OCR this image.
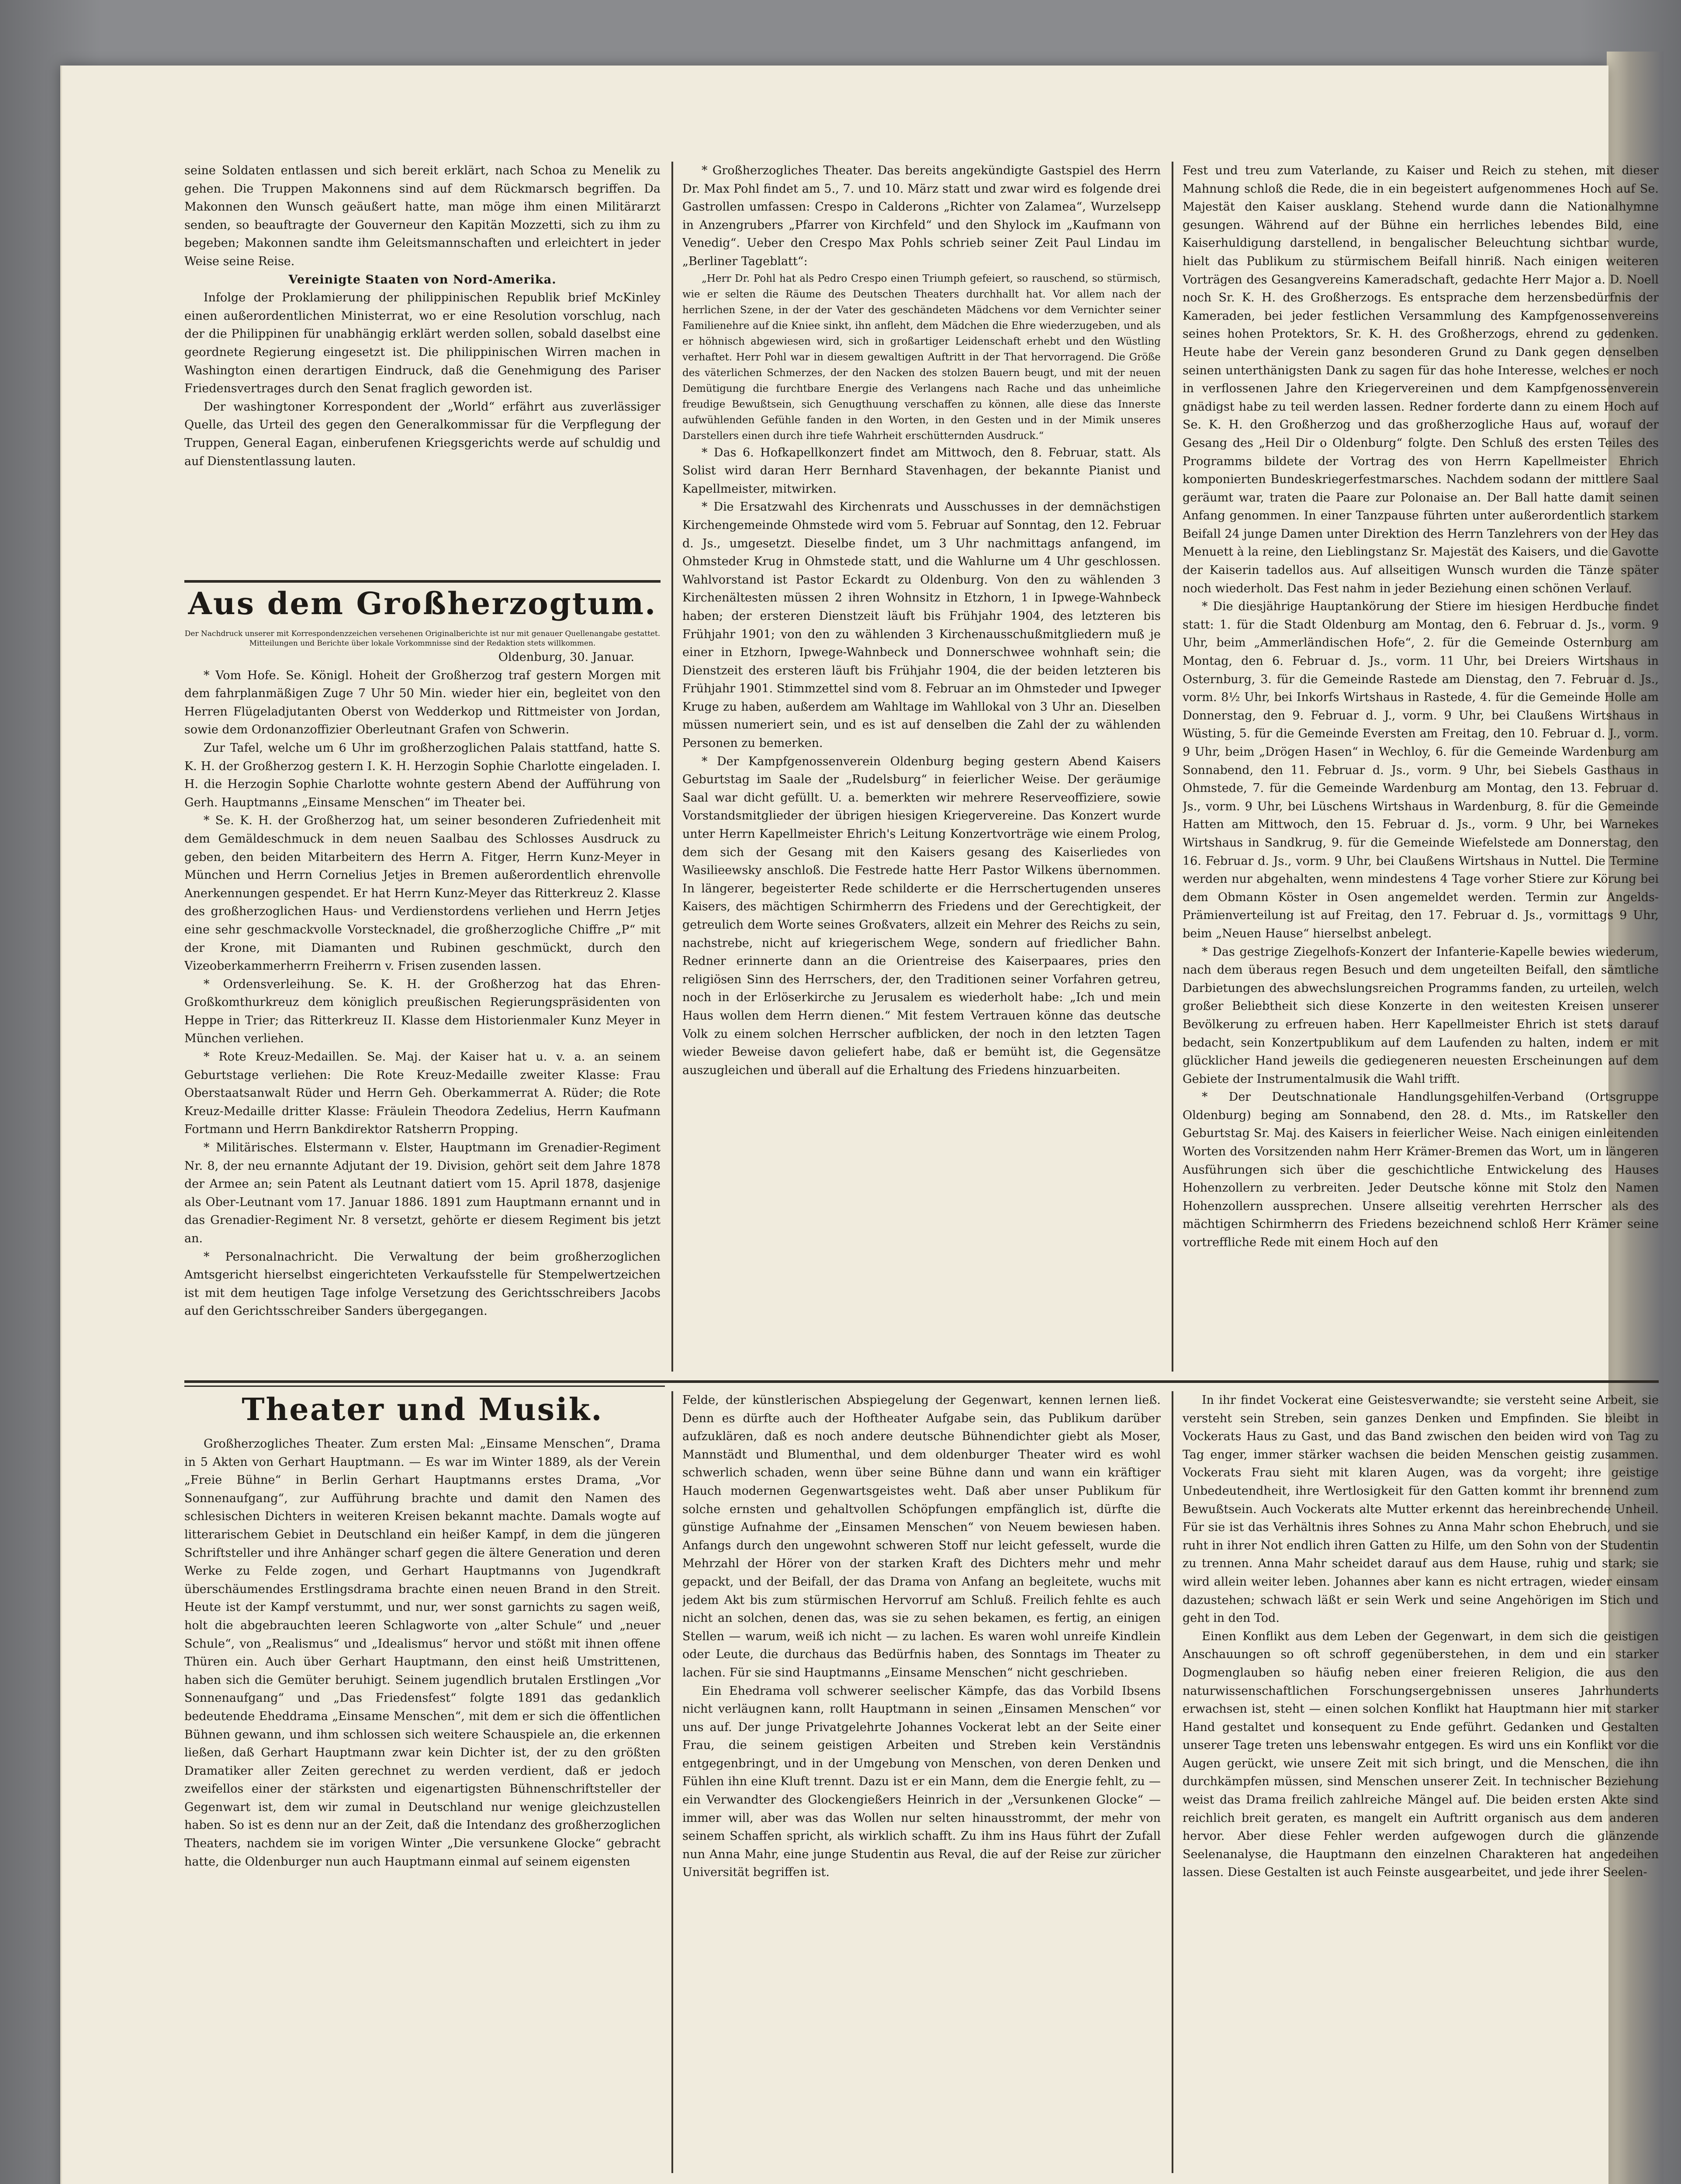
seine Soldaten entlassen und sich bereit erklärt, nach Schoa zu Menelik zu gehen. Die Truppen Makonnens sind auf dem Rückmarsch begriffen. Da Makonnen den Wunsch geäußert hatte, man möge ihm einen Militärarzt senden, so beauftragte der Gouverneur den Kapitän Mozzetti, sich zu ihm zu begeben; Makonnen sandte ihm Geleitsmannschaften und erleichtert in jeder Weise seine Reise.

Vereinigte Staaten von Nord-Amerika.

Infolge der Proklamierung der philippinischen Republik brief McKinley einen außerordentlichen Ministerrat, wo er eine Resolution vorschlug, nach der die Philippinen für unabhängig erklärt werden sollen, sobald daselbst eine geordnete Regierung eingesetzt ist. Die philippinischen Wirren machen in Washington einen derartigen Eindruck, daß die Genehmigung des Pariser Friedensvertrages durch den Senat fraglich geworden ist.

Der washingtoner Korrespondent der „World“ erfährt aus zuverlässiger Quelle, das Urteil des gegen den Generalkommissar für die Verpflegung der Truppen, General Eagan, einberufenen Kriegsgerichts werde auf schuldig und auf Dienstentlassung lauten.

Aus dem Großherzogtum.

Der Nachdruck unserer mit Korrespondenzzeichen versehenen Originalberichte ist nur mit genauer Quellenangabe gestattet. Mitteilungen und Berichte über lokale Vorkommnisse sind der Redaktion stets willkommen.

Oldenburg, 30. Januar.

* Vom Hofe. Se. Königl. Hoheit der Großherzog traf gestern Morgen mit dem fahrplanmäßigen Zuge 7 Uhr 50 Min. wieder hier ein, begleitet von den Herren Flügeladjutanten Oberst von Wedderkop und Rittmeister von Jordan, sowie dem Ordonanzoffizier Oberleutnant Grafen von Schwerin.

Zur Tafel, welche um 6 Uhr im großherzoglichen Palais stattfand, hatte S. K. H. der Großherzog gestern I. K. H. Herzogin Sophie Charlotte eingeladen. I. H. die Herzogin Sophie Charlotte wohnte gestern Abend der Aufführung von Gerh. Hauptmanns „Einsame Menschen“ im Theater bei.

* Se. K. H. der Großherzog hat, um seiner besonderen Zufriedenheit mit dem Gemäldeschmuck in dem neuen Saalbau des Schlosses Ausdruck zu geben, den beiden Mitarbeitern des Herrn A. Fitger, Herrn Kunz-Meyer in München und Herrn Cornelius Jetjes in Bremen außerordentlich ehrenvolle Anerkennungen gespendet. Er hat Herrn Kunz-Meyer das Ritterkreuz 2. Klasse des großherzoglichen Haus- und Verdienstordens verliehen und Herrn Jetjes eine sehr geschmackvolle Vorstecknadel, die großherzogliche Chiffre „P“ mit der Krone, mit Diamanten und Rubinen geschmückt, durch den Vizeoberkammerherrn Freiherrn v. Frisen zusenden lassen.

* Ordensverleihung. Se. K. H. der Großherzog hat das Ehren-Großkomthurkreuz dem königlich preußischen Regierungspräsidenten von Heppe in Trier; das Ritterkreuz II. Klasse dem Historienmaler Kunz Meyer in München verliehen.

* Rote Kreuz-Medaillen. Se. Maj. der Kaiser hat u. v. a. an seinem Geburtstage verliehen: Die Rote Kreuz-Medaille zweiter Klasse: Frau Oberstaatsanwalt Rüder und Herrn Geh. Oberkammerrat A. Rüder; die Rote Kreuz-Medaille dritter Klasse: Fräulein Theodora Zedelius, Herrn Kaufmann Fortmann und Herrn Bankdirektor Ratsherrn Propping.

* Militärisches. Elstermann v. Elster, Hauptmann im Grenadier-Regiment Nr. 8, der neu ernannte Adjutant der 19. Division, gehört seit dem Jahre 1878 der Armee an; sein Patent als Leutnant datiert vom 15. April 1878, dasjenige als Ober-Leutnant vom 17. Januar 1886. 1891 zum Hauptmann ernannt und in das Grenadier-Regiment Nr. 8 versetzt, gehörte er diesem Regiment bis jetzt an.

* Personalnachricht. Die Verwaltung der beim großherzoglichen Amtsgericht hierselbst eingerichteten Verkaufsstelle für Stempelwertzeichen ist mit dem heutigen Tage infolge Versetzung des Gerichtsschreibers Jacobs auf den Gerichtsschreiber Sanders übergegangen.

* Großherzogliches Theater. Das bereits angekündigte Gastspiel des Herrn Dr. Max Pohl findet am 5., 7. und 10. März statt und zwar wird es folgende drei Gastrollen umfassen: Crespo in Calderons „Richter von Zalamea“, Wurzelsepp in Anzengrubers „Pfarrer von Kirchfeld“ und den Shylock im „Kaufmann von Venedig“. Ueber den Crespo Max Pohls schrieb seiner Zeit Paul Lindau im „Berliner Tageblatt“:

„Herr Dr. Pohl hat als Pedro Crespo einen Triumph gefeiert, so rauschend, so stürmisch, wie er selten die Räume des Deutschen Theaters durchhallt hat. Vor allem nach der herrlichen Szene, in der der Vater des geschändeten Mädchens vor dem Vernichter seiner Familienehre auf die Kniee sinkt, ihn anfleht, dem Mädchen die Ehre wiederzugeben, und als er höhnisch abgewiesen wird, sich in großartiger Leidenschaft erhebt und den Wüstling verhaftet. Herr Pohl war in diesem gewaltigen Auftritt in der That hervorragend. Die Größe des väterlichen Schmerzes, der den Nacken des stolzen Bauern beugt, und mit der neuen Demütigung die furchtbare Energie des Verlangens nach Rache und das unheimliche freudige Bewußtsein, sich Genugthuung verschaffen zu können, alle diese das Innerste aufwühlenden Gefühle fanden in den Worten, in den Gesten und in der Mimik unseres Darstellers einen durch ihre tiefe Wahrheit erschütternden Ausdruck.“

* Das 6. Hofkapellkonzert findet am Mittwoch, den 8. Februar, statt. Als Solist wird daran Herr Bernhard Stavenhagen, der bekannte Pianist und Kapellmeister, mitwirken.

* Die Ersatzwahl des Kirchenrats und Ausschusses in der demnächstigen Kirchengemeinde Ohmstede wird vom 5. Februar auf Sonntag, den 12. Februar d. Js., umgesetzt. Dieselbe findet, um 3 Uhr nachmittags anfangend, im Ohmsteder Krug in Ohmstede statt, und die Wahlurne um 4 Uhr geschlossen. Wahlvorstand ist Pastor Eckardt zu Oldenburg. Von den zu wählenden 3 Kirchenältesten müssen 2 ihren Wohnsitz in Etzhorn, 1 in Ipwege-Wahnbeck haben; der ersteren Dienstzeit läuft bis Frühjahr 1904, des letzteren bis Frühjahr 1901; von den zu wählenden 3 Kirchenausschußmitgliedern muß je einer in Etzhorn, Ipwege-Wahnbeck und Donnerschwee wohnhaft sein; die Dienstzeit des ersteren läuft bis Frühjahr 1904, die der beiden letzteren bis Frühjahr 1901. Stimmzettel sind vom 8. Februar an im Ohmsteder und Ipweger Kruge zu haben, außerdem am Wahltage im Wahllokal von 3 Uhr an. Dieselben müssen numeriert sein, und es ist auf denselben die Zahl der zu wählenden Personen zu bemerken.

* Der Kampfgenossenverein Oldenburg beging gestern Abend Kaisers Geburtstag im Saale der „Rudelsburg“ in feierlicher Weise. Der geräumige Saal war dicht gefüllt. U. a. bemerkten wir mehrere Reserveoffiziere, sowie Vorstandsmitglieder der übrigen hiesigen Kriegervereine. Das Konzert wurde unter Herrn Kapellmeister Ehrich's Leitung Konzertvorträge wie einem Prolog, dem sich der Gesang mit den Kaisers gesang des Kaiserliedes von Wasilieewsky anschloß. Die Festrede hatte Herr Pastor Wilkens übernommen. In längerer, begeisterter Rede schilderte er die Herrschertugenden unseres Kaisers, des mächtigen Schirmherrn des Friedens und der Gerechtigkeit, der getreulich dem Worte seines Großvaters, allzeit ein Mehrer des Reichs zu sein, nachstrebe, nicht auf kriegerischem Wege, sondern auf friedlicher Bahn. Redner erinnerte dann an die Orientreise des Kaiserpaares, pries den religiösen Sinn des Herrschers, der, den Traditionen seiner Vorfahren getreu, noch in der Erlöserkirche zu Jerusalem es wiederholt habe: „Ich und mein Haus wollen dem Herrn dienen.“ Mit festem Vertrauen könne das deutsche Volk zu einem solchen Herrscher aufblicken, der noch in den letzten Tagen wieder Beweise davon geliefert habe, daß er bemüht ist, die Gegensätze auszugleichen und überall auf die Erhaltung des Friedens hinzuarbeiten.

Fest und treu zum Vaterlande, zu Kaiser und Reich zu stehen, mit dieser Mahnung schloß die Rede, die in ein begeistert aufgenommenes Hoch auf Se. Majestät den Kaiser ausklang. Stehend wurde dann die Nationalhymne gesungen. Während auf der Bühne ein herrliches lebendes Bild, eine Kaiserhuldigung darstellend, in bengalischer Beleuchtung sichtbar wurde, hielt das Publikum zu stürmischem Beifall hinriß. Nach einigen weiteren Vorträgen des Gesangvereins Kameradschaft, gedachte Herr Major a. D. Noell noch Sr. K. H. des Großherzogs. Es entsprache dem herzensbedürfnis der Kameraden, bei jeder festlichen Versammlung des Kampfgenossenvereins seines hohen Protektors, Sr. K. H. des Großherzogs, ehrend zu gedenken. Heute habe der Verein ganz besonderen Grund zu Dank gegen denselben seinen unterthänigsten Dank zu sagen für das hohe Interesse, welches er noch in verflossenen Jahre den Kriegervereinen und dem Kampfgenossenverein gnädigst habe zu teil werden lassen. Redner forderte dann zu einem Hoch auf Se. K. H. den Großherzog und das großherzogliche Haus auf, worauf der Gesang des „Heil Dir o Oldenburg“ folgte. Den Schluß des ersten Teiles des Programms bildete der Vortrag des von Herrn Kapellmeister Ehrich komponierten Bundeskriegerfestmarsches. Nachdem sodann der mittlere Saal geräumt war, traten die Paare zur Polonaise an. Der Ball hatte damit seinen Anfang genommen. In einer Tanzpause führten unter außerordentlich starkem Beifall 24 junge Damen unter Direktion des Herrn Tanzlehrers von der Hey das Menuett à la reine, den Lieblingstanz Sr. Majestät des Kaisers, und die Gavotte der Kaiserin tadellos aus. Auf allseitigen Wunsch wurden die Tänze später noch wiederholt. Das Fest nahm in jeder Beziehung einen schönen Verlauf.

* Die diesjährige Hauptankörung der Stiere im hiesigen Herdbuche findet statt: 1. für die Stadt Oldenburg am Montag, den 6. Februar d. Js., vorm. 9 Uhr, beim „Ammerländischen Hofe“, 2. für die Gemeinde Osternburg am Montag, den 6. Februar d. Js., vorm. 11 Uhr, bei Dreiers Wirtshaus in Osternburg, 3. für die Gemeinde Rastede am Dienstag, den 7. Februar d. Js., vorm. 8½ Uhr, bei Inkorfs Wirtshaus in Rastede, 4. für die Gemeinde Holle am Donnerstag, den 9. Februar d. J., vorm. 9 Uhr, bei Claußens Wirtshaus in Wüsting, 5. für die Gemeinde Eversten am Freitag, den 10. Februar d. J., vorm. 9 Uhr, beim „Drögen Hasen“ in Wechloy, 6. für die Gemeinde Wardenburg am Sonnabend, den 11. Februar d. Js., vorm. 9 Uhr, bei Siebels Gasthaus in Ohmstede, 7. für die Gemeinde Wardenburg am Montag, den 13. Februar d. Js., vorm. 9 Uhr, bei Lüschens Wirtshaus in Wardenburg, 8. für die Gemeinde Hatten am Mittwoch, den 15. Februar d. Js., vorm. 9 Uhr, bei Warnekes Wirtshaus in Sandkrug, 9. für die Gemeinde Wiefelstede am Donnerstag, den 16. Februar d. Js., vorm. 9 Uhr, bei Claußens Wirtshaus in Nuttel. Die Termine werden nur abgehalten, wenn mindestens 4 Tage vorher Stiere zur Körung bei dem Obmann Köster in Osen angemeldet werden. Termin zur Angelds-Prämienverteilung ist auf Freitag, den 17. Februar d. Js., vormittags 9 Uhr, beim „Neuen Hause“ hierselbst anbelegt.

* Das gestrige Ziegelhofs-Konzert der Infanterie-Kapelle bewies wiederum, nach dem überaus regen Besuch und dem ungeteilten Beifall, den sämtliche Darbietungen des abwechslungsreichen Programms fanden, zu urteilen, welch großer Beliebtheit sich diese Konzerte in den weitesten Kreisen unserer Bevölkerung zu erfreuen haben. Herr Kapellmeister Ehrich ist stets darauf bedacht, sein Konzertpublikum auf dem Laufenden zu halten, indem er mit glücklicher Hand jeweils die gediegeneren neuesten Erscheinungen auf dem Gebiete der Instrumentalmusik die Wahl trifft.

* Der Deutschnationale Handlungsgehilfen-Verband (Ortsgruppe Oldenburg) beging am Sonnabend, den 28. d. Mts., im Ratskeller den Geburtstag Sr. Maj. des Kaisers in feierlicher Weise. Nach einigen einleitenden Worten des Vorsitzenden nahm Herr Krämer-Bremen das Wort, um in längeren Ausführungen sich über die geschichtliche Entwickelung des Hauses Hohenzollern zu verbreiten. Jeder Deutsche könne mit Stolz den Namen Hohenzollern aussprechen. Unsere allseitig verehrten Herrscher als des mächtigen Schirmherrn des Friedens bezeichnend schloß Herr Krämer seine vortreffliche Rede mit einem Hoch auf den

Theater und Musik.

Großherzogliches Theater. Zum ersten Mal: „Einsame Menschen“, Drama in 5 Akten von Gerhart Hauptmann. — Es war im Winter 1889, als der Verein „Freie Bühne“ in Berlin Gerhart Hauptmanns erstes Drama, „Vor Sonnenaufgang“, zur Aufführung brachte und damit den Namen des schlesischen Dichters in weiteren Kreisen bekannt machte. Damals wogte auf litterarischem Gebiet in Deutschland ein heißer Kampf, in dem die jüngeren Schriftsteller und ihre Anhänger scharf gegen die ältere Generation und deren Werke zu Felde zogen, und Gerhart Hauptmanns von Jugendkraft überschäumendes Erstlingsdrama brachte einen neuen Brand in den Streit. Heute ist der Kampf verstummt, und nur, wer sonst garnichts zu sagen weiß, holt die abgebrauchten leeren Schlagworte von „alter Schule“ und „neuer Schule“, von „Realismus“ und „Idealismus“ hervor und stößt mit ihnen offene Thüren ein. Auch über Gerhart Hauptmann, den einst heiß Umstrittenen, haben sich die Gemüter beruhigt. Seinem jugendlich brutalen Erstlingen „Vor Sonnenaufgang“ und „Das Friedensfest“ folgte 1891 das gedanklich bedeutende Eheddrama „Einsame Menschen“, mit dem er sich die öffentlichen Bühnen gewann, und ihm schlossen sich weitere Schauspiele an, die erkennen ließen, daß Gerhart Hauptmann zwar kein Dichter ist, der zu den größten Dramatiker aller Zeiten gerechnet zu werden verdient, daß er jedoch zweifellos einer der stärksten und eigenartigsten Bühnenschriftsteller der Gegenwart ist, dem wir zumal in Deutschland nur wenige gleichzustellen haben. So ist es denn nur an der Zeit, daß die Intendanz des großherzoglichen Theaters, nachdem sie im vorigen Winter „Die versunkene Glocke“ gebracht hatte, die Oldenburger nun auch Hauptmann einmal auf seinem eigensten

Felde, der künstlerischen Abspiegelung der Gegenwart, kennen lernen ließ. Denn es dürfte auch der Hoftheater Aufgabe sein, das Publikum darüber aufzuklären, daß es noch andere deutsche Bühnendichter giebt als Moser, Mannstädt und Blumenthal, und dem oldenburger Theater wird es wohl schwerlich schaden, wenn über seine Bühne dann und wann ein kräftiger Hauch modernen Gegenwartsgeistes weht. Daß aber unser Publikum für solche ernsten und gehaltvollen Schöpfungen empfänglich ist, dürfte die günstige Aufnahme der „Einsamen Menschen“ von Neuem bewiesen haben. Anfangs durch den ungewohnt schweren Stoff nur leicht gefesselt, wurde die Mehrzahl der Hörer von der starken Kraft des Dichters mehr und mehr gepackt, und der Beifall, der das Drama von Anfang an begleitete, wuchs mit jedem Akt bis zum stürmischen Hervorruf am Schluß. Freilich fehlte es auch nicht an solchen, denen das, was sie zu sehen bekamen, es fertig, an einigen Stellen — warum, weiß ich nicht — zu lachen. Es waren wohl unreife Kindlein oder Leute, die durchaus das Bedürfnis haben, des Sonntags im Theater zu lachen. Für sie sind Hauptmanns „Einsame Menschen“ nicht geschrieben.

Ein Ehedrama voll schwerer seelischer Kämpfe, das das Vorbild Ibsens nicht verläugnen kann, rollt Hauptmann in seinen „Einsamen Menschen“ vor uns auf. Der junge Privatgelehrte Johannes Vockerat lebt an der Seite einer Frau, die seinem geistigen Arbeiten und Streben kein Verständnis entgegenbringt, und in der Umgebung von Menschen, von deren Denken und Fühlen ihn eine Kluft trennt. Dazu ist er ein Mann, dem die Energie fehlt, zu — ein Verwandter des Glockengießers Heinrich in der „Versunkenen Glocke“ — immer will, aber was das Wollen nur selten hinausstrommt, der mehr von seinem Schaffen spricht, als wirklich schafft. Zu ihm ins Haus führt der Zufall nun Anna Mahr, eine junge Studentin aus Reval, die auf der Reise zur züricher Universität begriffen ist.

In ihr findet Vockerat eine Geistesverwandte; sie versteht seine Arbeit, sie versteht sein Streben, sein ganzes Denken und Empfinden. Sie bleibt in Vockerats Haus zu Gast, und das Band zwischen den beiden wird von Tag zu Tag enger, immer stärker wachsen die beiden Menschen geistig zusammen. Vockerats Frau sieht mit klaren Augen, was da vorgeht; ihre geistige Unbedeutendheit, ihre Wertlosigkeit für den Gatten kommt ihr brennend zum Bewußtsein. Auch Vockerats alte Mutter erkennt das hereinbrechende Unheil. Für sie ist das Verhältnis ihres Sohnes zu Anna Mahr schon Ehebruch, und sie ruht in ihrer Not endlich ihren Gatten zu Hilfe, um den Sohn von der Studentin zu trennen. Anna Mahr scheidet darauf aus dem Hause, ruhig und stark; sie wird allein weiter leben. Johannes aber kann es nicht ertragen, wieder einsam dazustehen; schwach läßt er sein Werk und seine Angehörigen im Stich und geht in den Tod.

Einen Konflikt aus dem Leben der Gegenwart, in dem sich die geistigen Anschauungen so oft schroff gegenüberstehen, in dem und ein starker Dogmenglauben so häufig neben einer freieren Religion, die aus den naturwissenschaftlichen Forschungsergebnissen unseres Jahrhunderts erwachsen ist, steht — einen solchen Konflikt hat Hauptmann hier mit starker Hand gestaltet und konsequent zu Ende geführt. Gedanken und Gestalten unserer Tage treten uns lebenswahr entgegen. Es wird uns ein Konflikt vor die Augen gerückt, wie unsere Zeit mit sich bringt, und die Menschen, die ihn durchkämpfen müssen, sind Menschen unserer Zeit. In technischer Beziehung weist das Drama freilich zahlreiche Mängel auf. Die beiden ersten Akte sind reichlich breit geraten, es mangelt ein Auftritt organisch aus dem anderen hervor. Aber diese Fehler werden aufgewogen durch die glänzende Seelenanalyse, die Hauptmann den einzelnen Charakteren hat angedeihen lassen. Diese Gestalten ist auch Feinste ausgearbeitet, und jede ihrer Seelen-
